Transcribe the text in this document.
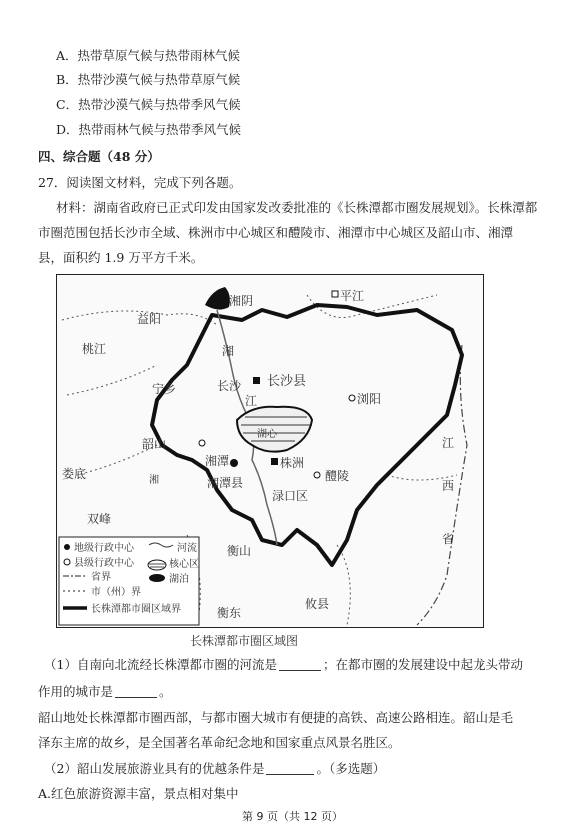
A．热带草原气候与热带雨林气候
B．热带沙漠气候与热带草原气候
C．热带沙漠气候与热带季风气候
D．热带雨林气候与热带季风气候
四、综合题（48 分）
27．阅读图文材料，完成下列各题。
材料：湖南省政府已正式印发由国家发改委批准的《长株潭都市圈发展规划》。长株潭都
市圈范围包括长沙市全域、株洲市中心城区和醴陵市、湘潭市中心城区及韶山市、湘潭
县，面积约 1.9 万平方千米。
湘阴	平江
益阳
桃江	湘
宁乡	长沙 长沙县
江	浏阳
湖心
韶山	江
湘潭	株洲
娄底	湘	湘潭县	醴陵
西
渌口区
双峰
省
衡山
攸县
衡东
地级行政中心	河流
县级行政中心	核心区
省界	湖泊
市（州）界
长株潭都市圈区域界
长株潭都市圈区域图
（1）自南向北流经长株潭都市圈的河流是	；在都市圈的发展建设中起龙头带动
作用的城市是	。
韶山地处长株潭都市圈西部，与都市圈大城市有便捷的高铁、高速公路相连。韶山是毛
泽东主席的故乡，是全国著名革命纪念地和国家重点风景名胜区。
（2）韶山发展旅游业具有的优越条件是	。（多选题）
A.红色旅游资源丰富，景点相对集中
第 9 页（共 12 页）
